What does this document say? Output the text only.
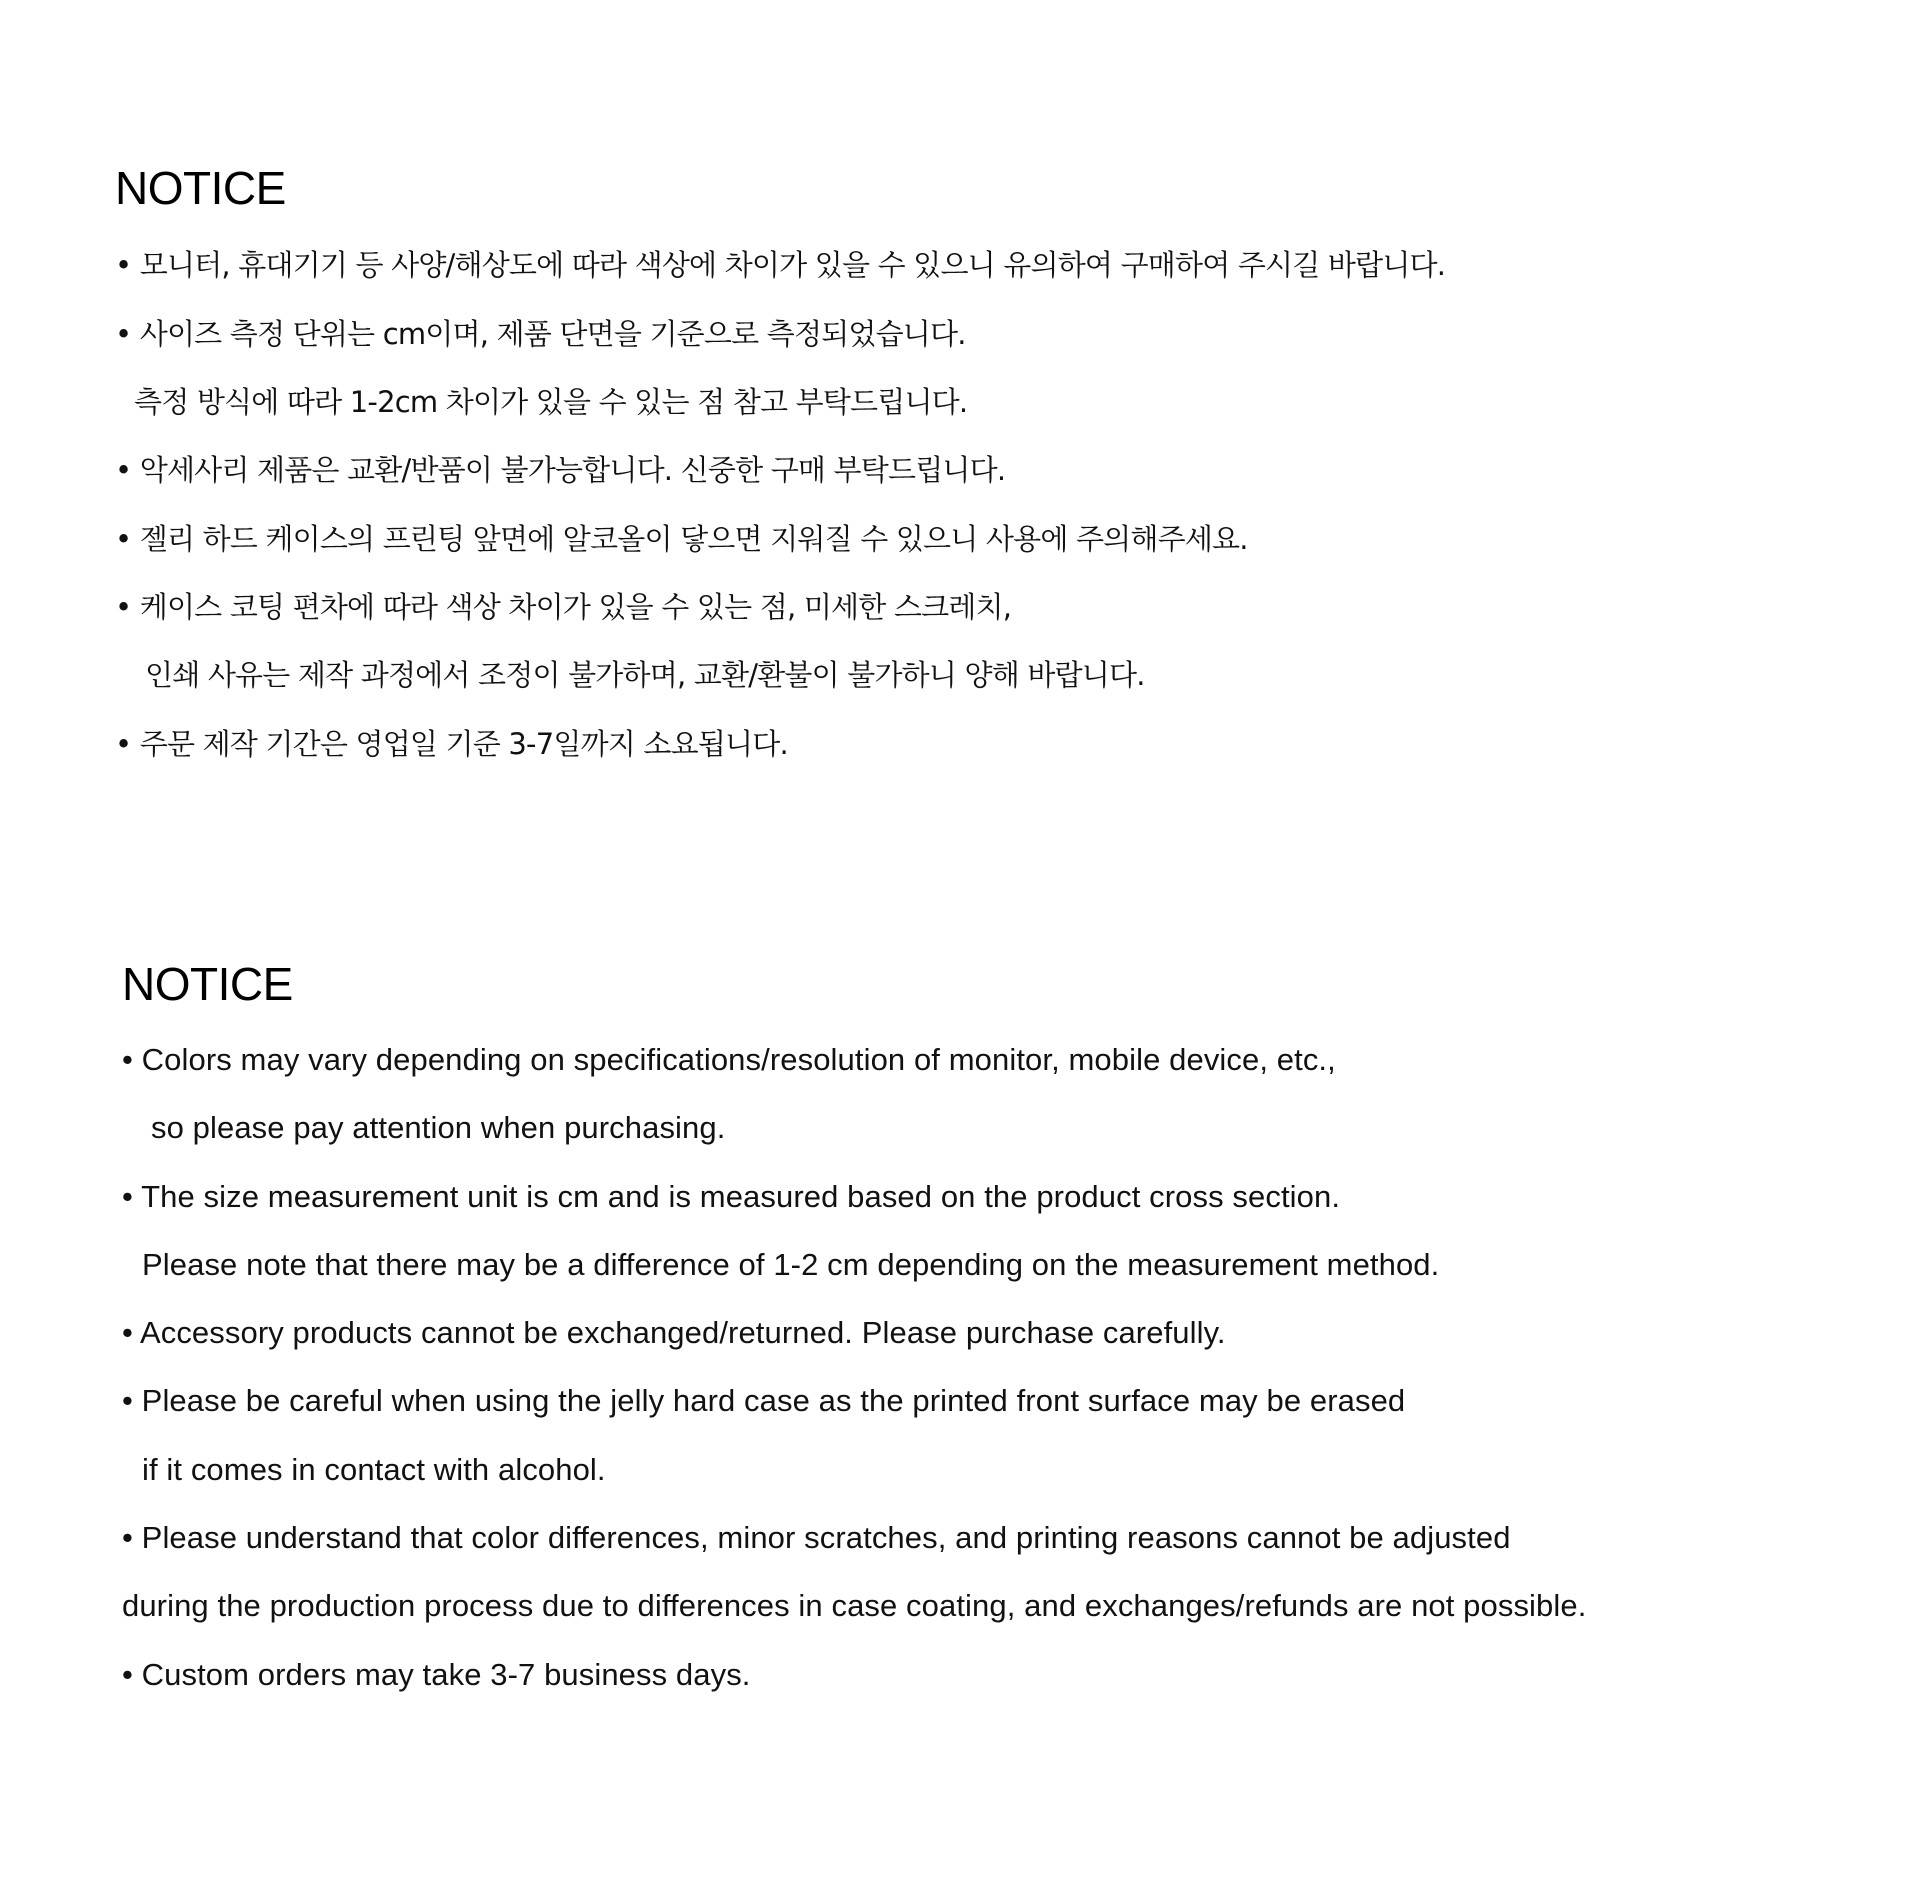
NOTICE

• 모니터, 휴대기기 등 사양/해상도에 따라 색상에 차이가 있을 수 있으니 유의하여 구매하여 주시길 바랍니다.

• 사이즈 측정 단위는 cm이며, 제품 단면을 기준으로 측정되었습니다.

측정 방식에 따라 1-2cm 차이가 있을 수 있는 점 참고 부탁드립니다.

• 악세사리 제품은 교환/반품이 불가능합니다. 신중한 구매 부탁드립니다.

• 젤리 하드 케이스의 프린팅 앞면에 알코올이 닿으면 지워질 수 있으니 사용에 주의해주세요.

• 케이스 코팅 편차에 따라 색상 차이가 있을 수 있는 점, 미세한 스크레치,

인쇄 사유는 제작 과정에서 조정이 불가하며, 교환/환불이 불가하니 양해 바랍니다.

• 주문 제작 기간은 영업일 기준 3-7일까지 소요됩니다.

NOTICE

• Colors may vary depending on specifications/resolution of monitor, mobile device, etc.,

so please pay attention when purchasing.

• The size measurement unit is cm and is measured based on the product cross section.

Please note that there may be a difference of 1-2 cm depending on the measurement method.

• Accessory products cannot be exchanged/returned. Please purchase carefully.

• Please be careful when using the jelly hard case as the printed front surface may be erased

if it comes in contact with alcohol.

• Please understand that color differences, minor scratches, and printing reasons cannot be adjusted

during the production process due to differences in case coating, and exchanges/refunds are not possible.

• Custom orders may take 3-7 business days.
